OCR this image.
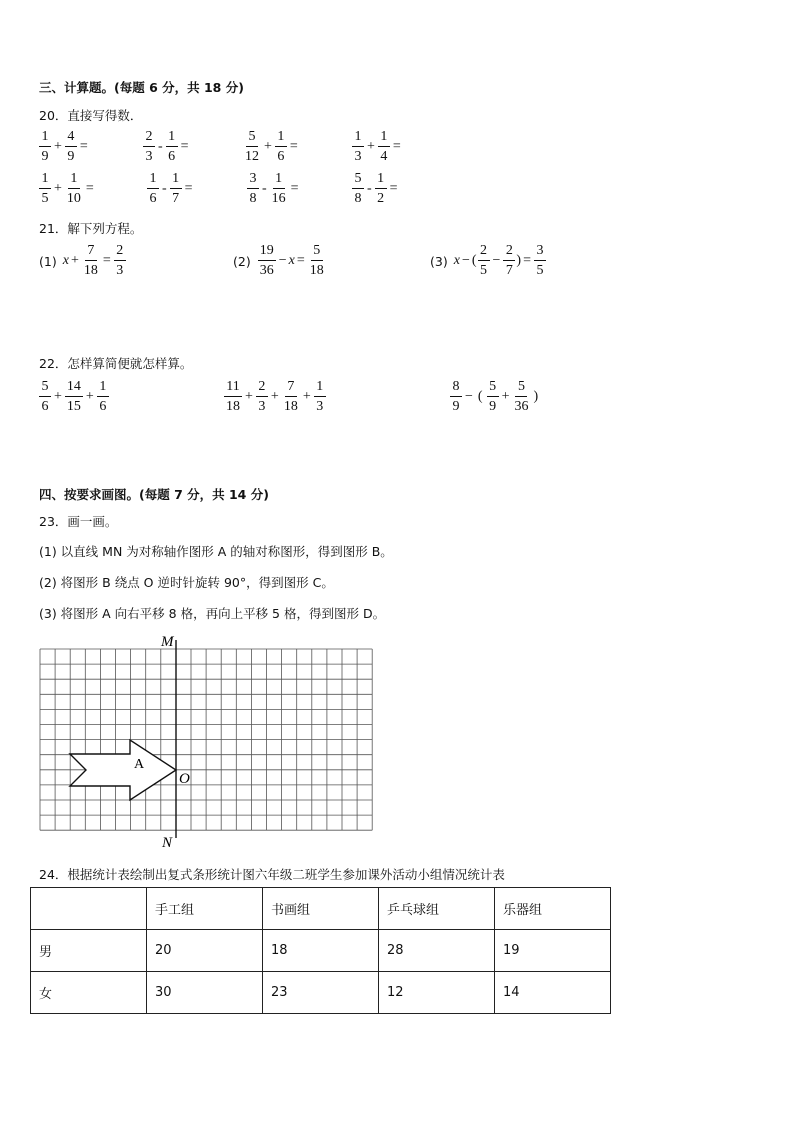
三、计算题。(每题 6 分，共 18 分)
20．直接写得数．
$\frac{1}{9} + \frac{4}{9}$ =	$\frac{2}{3} - \frac{1}{6}$ =	$\frac{5}{12} + \frac{1}{6}$ =	$\frac{1}{3} + \frac{1}{4}$ =
$\frac{1}{5} + \frac{1}{10}$ =	$\frac{1}{6} - \frac{1}{7}$ =	$\frac{3}{8} - \frac{1}{16}$ =	$\frac{5}{8} - \frac{1}{2}$ =
21．解下列方程。
(1) $x + \frac{7}{18} = \frac{2}{3}$	$(2) \frac{19}{36} - x = \frac{5}{18}$	(3) x − ( $\frac{2}{5} - \frac{2}{7}$ ) = $\frac{3}{5}$
22．怎样算简便就怎样算。
$\frac{5}{6} + \frac{14}{15} + \frac{1}{6}$	$\frac{11}{18} + \frac{2}{3} + \frac{7}{18} + \frac{1}{3}$	$\frac{8}{9}$ − ( $\frac{5}{9} + \frac{5}{36}$ )
四、按要求画图。(每题 7 分，共 14 分)
23．画一画。
(1) 以直线 MN 为对称轴作图形 A 的轴对称图形，得到图形 B。
(2) 将图形 B 绕点 O 逆时针旋转 90°，得到图形 C。
(3) 将图形 A 向右平移 8 格，再向上平移 5 格，得到图形 D。
A
O
M
N
24．根据统计表绘制出复式条形统计图六年级二班学生参加课外活动小组情况统计表
	手工组	书画组	乒乓球组	乐器组
男	20	18	28	19
女	30	23	12	14
